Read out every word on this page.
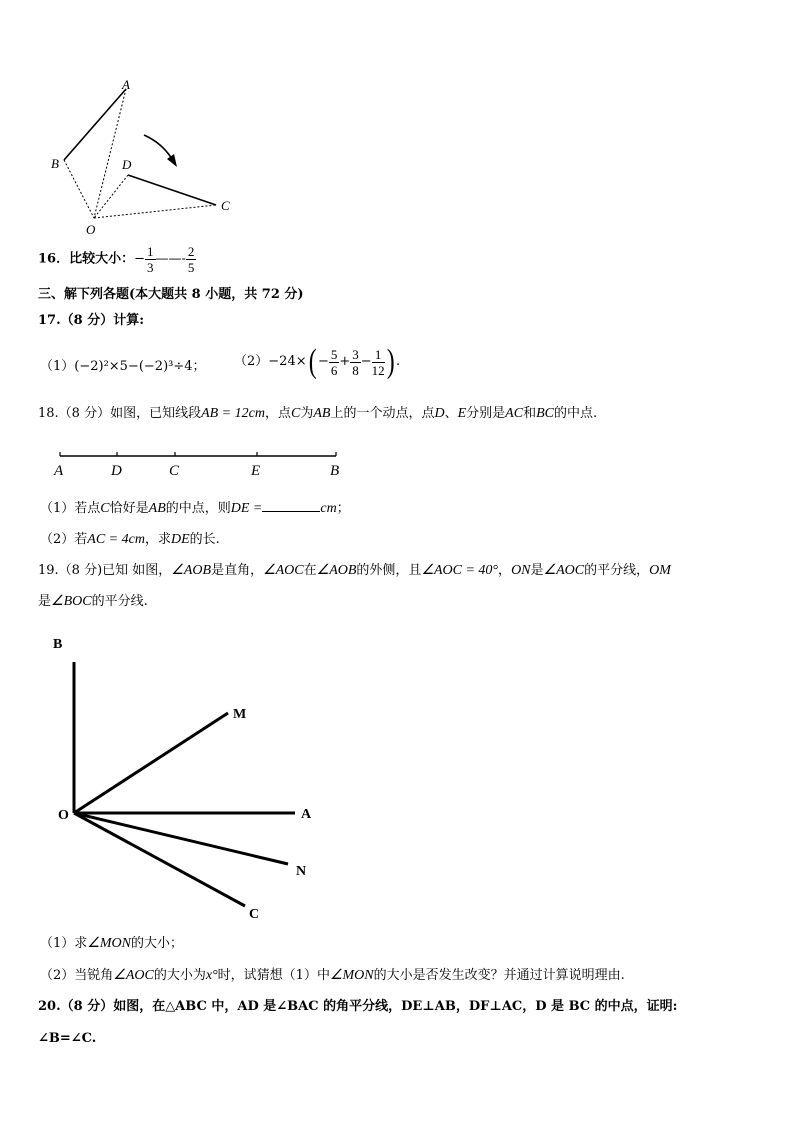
A
B	D
C
O
16．比较大小：− $\frac{1}{3}$ ——- $\frac{2}{5}$
三、解下列各题(本大题共 8 小题，共 72 分)
17.（8 分）计算:
（1）(−2)²×5−(−2)³÷4； $(2)-24\times( - \frac{5}{6} + \frac{3}{8} - \frac{1}{12}$ ) .
18.（8 分）如图，已知线段AB = 12cm，点C为AB上的一个动点，点D、E分别是AC和BC的中点.
A	D	C	E	B
（1）若点C恰好是AB的中点，则DE =	cm；
（2）若AC = 4cm，求DE的长.
19.（8 分)已知 如图，∠AOB是直角，∠AOC在∠AOB的外侧，且∠AOC = 40°，ON是∠AOC的平分线，OM
是∠BOC的平分线.
B
M
O	A
N
C
（1）求∠MON的大小；
（2）当锐角∠AOC的大小为x°时，试猜想（1）中∠MON的大小是否发生改变？并通过计算说明理由.
20.（8 分）如图，在△ABC 中，AD 是∠BAC 的角平分线，DE⊥AB，DF⊥AC，D 是 BC 的中点，证明:
∠B=∠C.
